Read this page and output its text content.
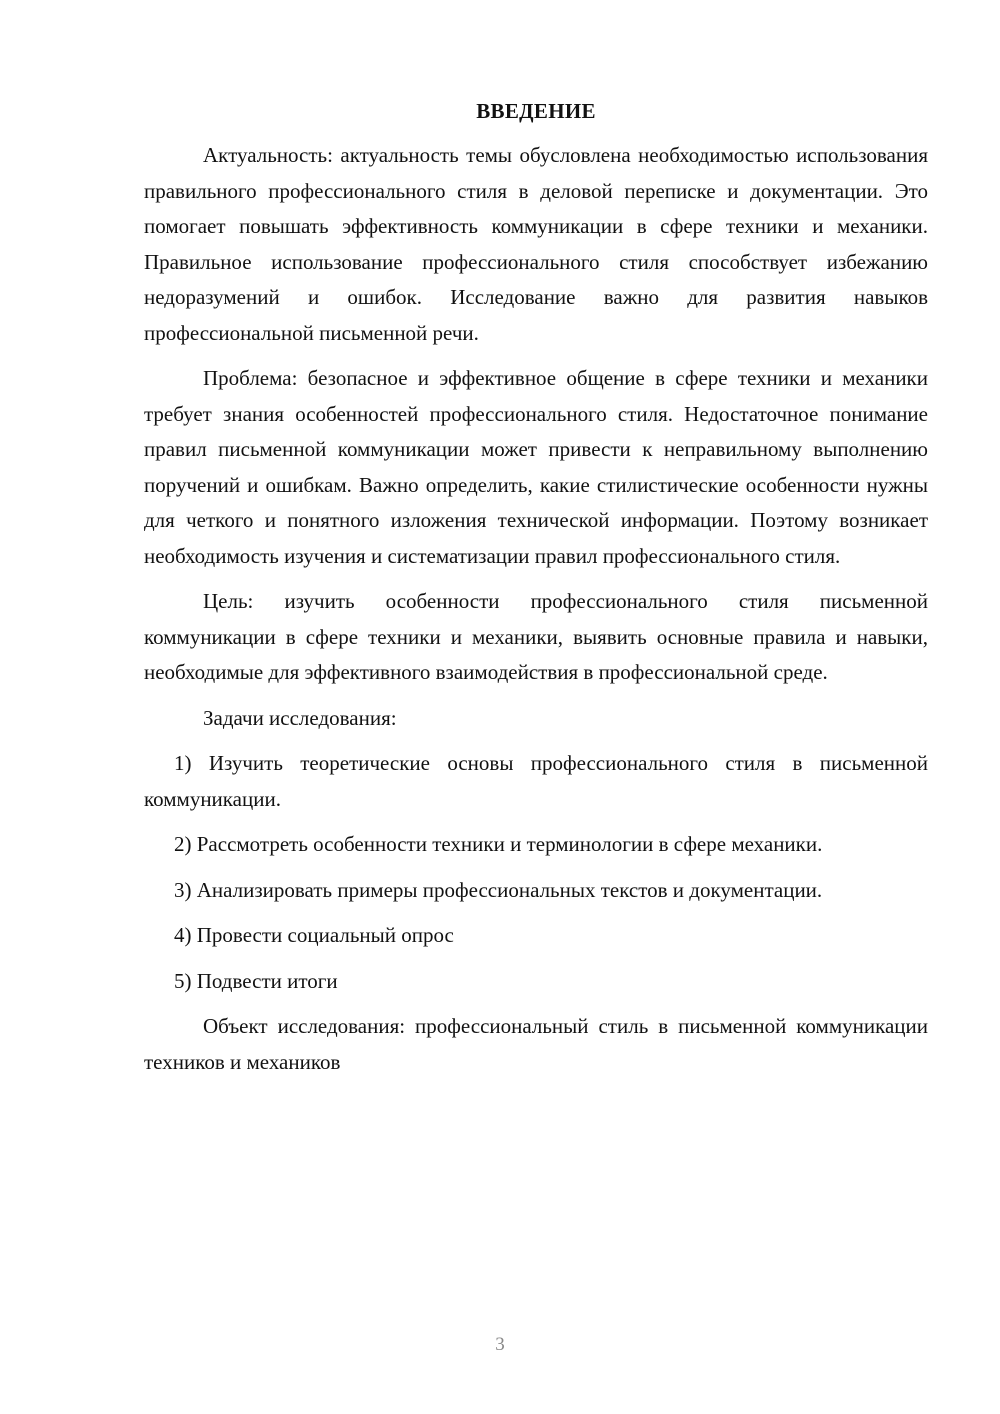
ВВЕДЕНИЕ

Актуальность: актуальность темы обусловлена необходимостью использования правильного профессионального стиля в деловой переписке и документации. Это помогает повышать эффективность коммуникации в сфере техники и механики. Правильное использование профессионального стиля способствует избежанию недоразумений и ошибок. Исследование важно для развития навыков профессиональной письменной речи.

Проблема: безопасное и эффективное общение в сфере техники и механики требует знания особенностей профессионального стиля. Недостаточное понимание правил письменной коммуникации может привести к неправильному выполнению поручений и ошибкам. Важно определить, какие стилистические особенности нужны для четкого и понятного изложения технической информации. Поэтому возникает необходимость изучения и систематизации правил профессионального стиля.

Цель: изучить особенности профессионального стиля письменной коммуникации в сфере техники и механики, выявить основные правила и навыки, необходимые для эффективного взаимодействия в профессиональной среде.

Задачи исследования:

1) Изучить теоретические основы профессионального стиля в письменной коммуникации.

2) Рассмотреть особенности техники и терминологии в сфере механики.

3) Анализировать примеры профессиональных текстов и документации.

4) Провести социальный опрос

5) Подвести итоги

Объект исследования: профессиональный стиль в письменной коммуникации техников и механиков

3
